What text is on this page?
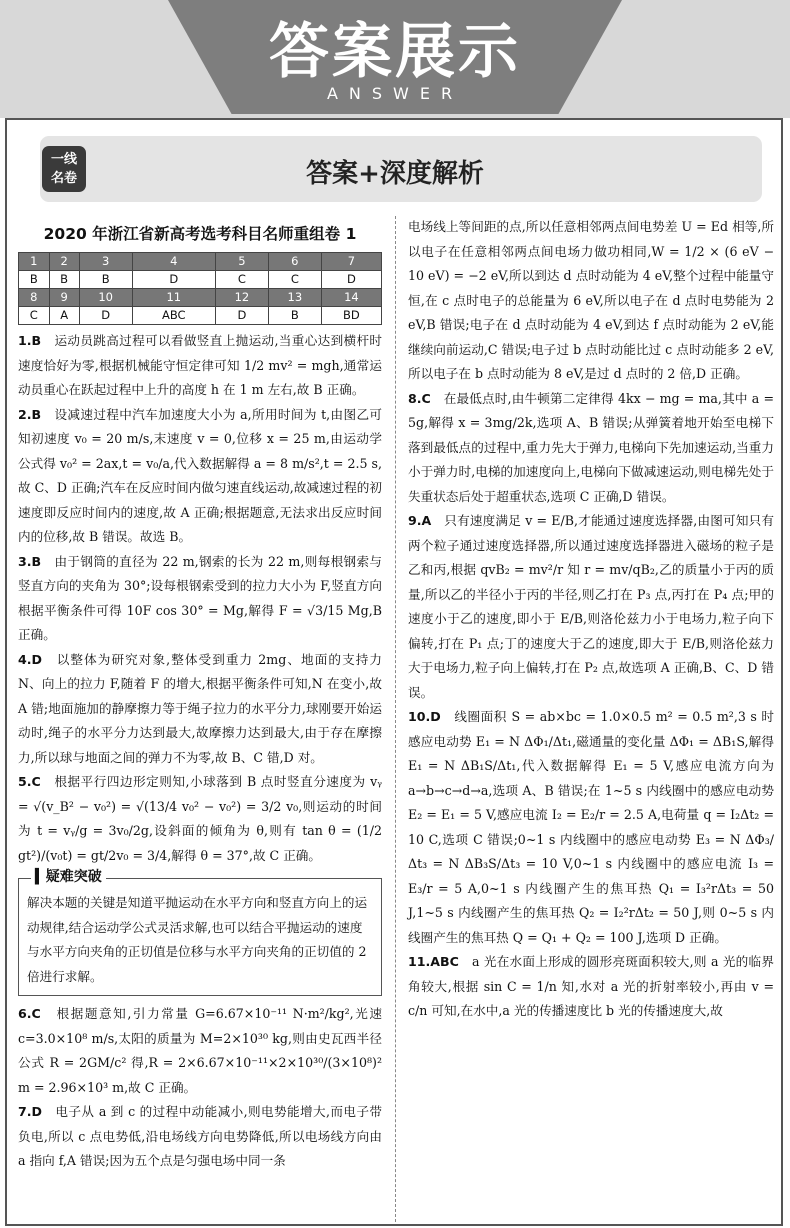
答案展示
ANSWER
一线
名卷	答案+深度解析
2020 年浙江省新高考选考科目名师重组卷 1
1	2	3	4	5	6	7
B	B	B	D	C	C	D
8	9	10	11	12	13	14
C	A	D	ABC	D	B	BD

1.B　 运动员跳高过程可以看做竖直上抛运动,当重心达到横杆时速度恰好为零,根据机械能守恒定律可知 1/2 mv² = mgh,通常运动员重心在跃起过程中上升的高度 h 在 1 m 左右,故 B 正确。

2.B　 设减速过程中汽车加速度大小为 a,所用时间为 t,由图乙可知初速度 v₀ = 20 m/s,末速度 v = 0,位移 x = 25 m,由运动学公式得 v₀² = 2ax,t = v₀/a,代入数据解得 a = 8 m/s²,t = 2.5 s,故 C、D 正确;汽车在反应时间内做匀速直线运动,故减速过程的初速度即反应时间内的速度,故 A 正确;根据题意,无法求出反应时间内的位移,故 B 错误。故选 B。

3.B　 由于钢筒的直径为 22 m,钢索的长为 22 m,则每根钢索与竖直方向的夹角为 30°;设每根钢索受到的拉力大小为 F,竖直方向根据平衡条件可得 10F cos 30° = Mg,解得 F = √3/15 Mg,B 正确。

4.D　 以整体为研究对象,整体受到重力 2mg、地面的支持力 N、向上的拉力 F,随着 F 的增大,根据平衡条件可知,N 在变小,故 A 错;地面施加的静摩擦力等于绳子拉力的水平分力,球刚要开始运动时,绳子的水平分力达到最大,故摩擦力达到最大,由于存在摩擦力,所以球与地面之间的弹力不为零,故 B、C 错,D 对。

5.C　 根据平行四边形定则知,小球落到 B 点时竖直分速度为 vᵧ = √(v_B² − v₀²) = √(13/4 v₀² − v₀²) = 3/2 v₀,则运动的时间为 t = vᵧ/g = 3v₀/2g,设斜面的倾角为 θ,则有 tan θ = (1/2 gt²)/(v₀t) = gt/2v₀ = 3/4,解得 θ = 37°,故 C 正确。

▍疑难突破
解决本题的关键是知道平抛运动在水平方向和竖直方向上的运动规律,结合运动学公式灵活求解,也可以结合平抛运动的速度与水平方向夹角的正切值是位移与水平方向夹角的正切值的 2 倍进行求解。

6.C　 根据题意知,引力常量 G=6.67×10⁻¹¹ N·m²/kg²,光速 c=3.0×10⁸ m/s,太阳的质量为 M=2×10³⁰ kg,则由史瓦西半径公式 R = 2GM/c² 得,R = 2×6.67×10⁻¹¹×2×10³⁰/(3×10⁸)² m = 2.96×10³ m,故 C 正确。

7.D　 电子从 a 到 c 的过程中动能减小,则电势能增大,而电子带负电,所以 c 点电势低,沿电场线方向电势降低,所以电场线方向由 a 指向 f,A 错误;因为五个点是匀强电场中同一条

电场线上等间距的点,所以任意相邻两点间电势差 U = Ed 相等,所以电子在任意相邻两点间电场力做功相同,W = 1/2 × (6 eV − 10 eV) = −2 eV,所以到达 d 点时动能为 4 eV,整个过程中能量守恒,在 c 点时电子的总能量为 6 eV,所以电子在 d 点时电势能为 2 eV,B 错误;电子在 d 点时动能为 4 eV,到达 f 点时动能为 2 eV,能继续向前运动,C 错误;电子过 b 点时动能比过 c 点时动能多 2 eV,所以电子在 b 点时动能为 8 eV,是过 d 点时的 2 倍,D 正确。

8.C　 在最低点时,由牛顿第二定律得 4kx − mg = ma,其中 a = 5g,解得 x = 3mg/2k,选项 A、B 错误;从弹簧着地开始至电梯下落到最低点的过程中,重力先大于弹力,电梯向下先加速运动,当重力小于弹力时,电梯的加速度向上,电梯向下做减速运动,则电梯先处于失重状态后处于超重状态,选项 C 正确,D 错误。

9.A　 只有速度满足 v = E/B,才能通过速度选择器,由图可知只有两个粒子通过速度选择器,所以通过速度选择器进入磁场的粒子是乙和丙,根据 qvB₂ = mv²/r 知 r = mv/qB₂,乙的质量小于丙的质量,所以乙的半径小于丙的半径,则乙打在 P₃ 点,丙打在 P₄ 点;甲的速度小于乙的速度,即小于 E/B,则洛伦兹力小于电场力,粒子向下偏转,打在 P₁ 点;丁的速度大于乙的速度,即大于 E/B,则洛伦兹力大于电场力,粒子向上偏转,打在 P₂ 点,故选项 A 正确,B、C、D 错误。

10.D　 线圈面积 S = ab×bc = 1.0×0.5 m² = 0.5 m²,3 s 时感应电动势 E₁ = N ΔΦ₁/Δt₁,磁通量的变化量 ΔΦ₁ = ΔB₁S,解得 E₁ = N ΔB₁S/Δt₁,代入数据解得 E₁ = 5 V,感应电流方向为 a→b→c→d→a,选项 A、B 错误;在 1~5 s 内线圈中的感应电动势 E₂ = E₁ = 5 V,感应电流 I₂ = E₂/r = 2.5 A,电荷量 q = I₂Δt₂ = 10 C,选项 C 错误;0~1 s 内线圈中的感应电动势 E₃ = N ΔΦ₃/Δt₃ = N ΔB₃S/Δt₃ = 10 V,0~1 s 内线圈中的感应电流 I₃ = E₃/r = 5 A,0~1 s 内线圈产生的焦耳热 Q₁ = I₃²rΔt₃ = 50 J,1~5 s 内线圈产生的焦耳热 Q₂ = I₂²rΔt₂ = 50 J,则 0~5 s 内线圈产生的焦耳热 Q = Q₁ + Q₂ = 100 J,选项 D 正确。

11.ABC　 a 光在水面上形成的圆形亮斑面积较大,则 a 光的临界角较大,根据 sin C = 1/n 知,水对 a 光的折射率较小,再由 v = c/n 可知,在水中,a 光的传播速度比 b 光的传播速度大,故
